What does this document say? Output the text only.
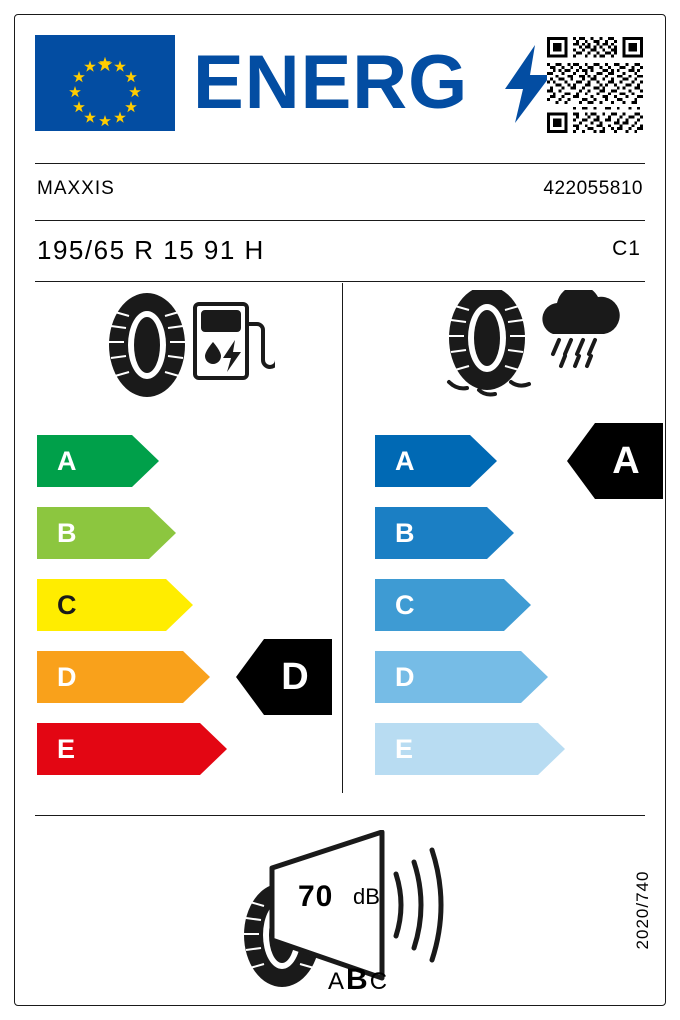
ENERG
MAXXIS	422055810
195/65 R 15 91 H	C1
A
B
C
D
E
D
A
B
C
D
E
A
70 dB
ABC
2020/740
